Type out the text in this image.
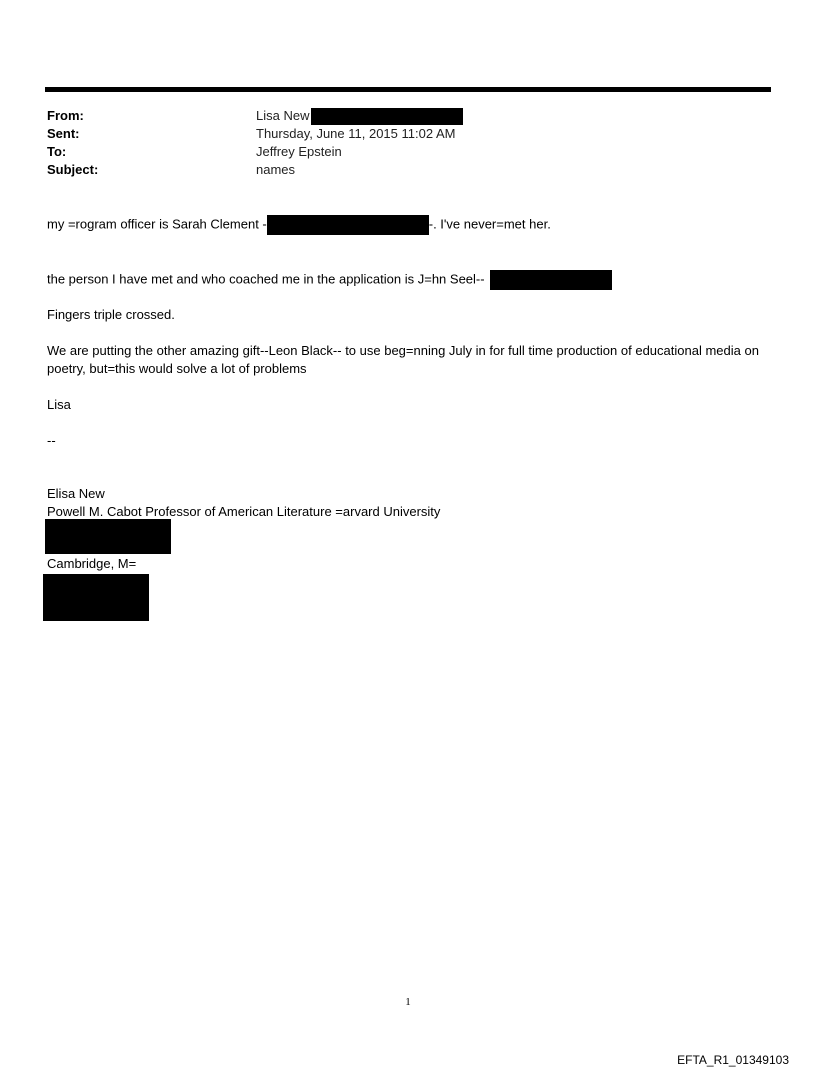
From:	Lisa New
Sent:	Thursday, June 11, 2015 11:02 AM
To:	Jeffrey Epstein
Subject:	names
my =rogram officer is Sarah Clement -	-. I've never=met her.
the person I have met and who coached me in the application is J=hn Seel--
Fingers triple crossed.
We are putting the other amazing gift--Leon Black-- to use beg=nning July in for full time production of educational media on poetry, but=this would solve a lot of problems
Lisa
--
Elisa New
Powell M. Cabot Professor of American Literature =arvard University
Cambridge, M=
1
EFTA_R1_01349103
